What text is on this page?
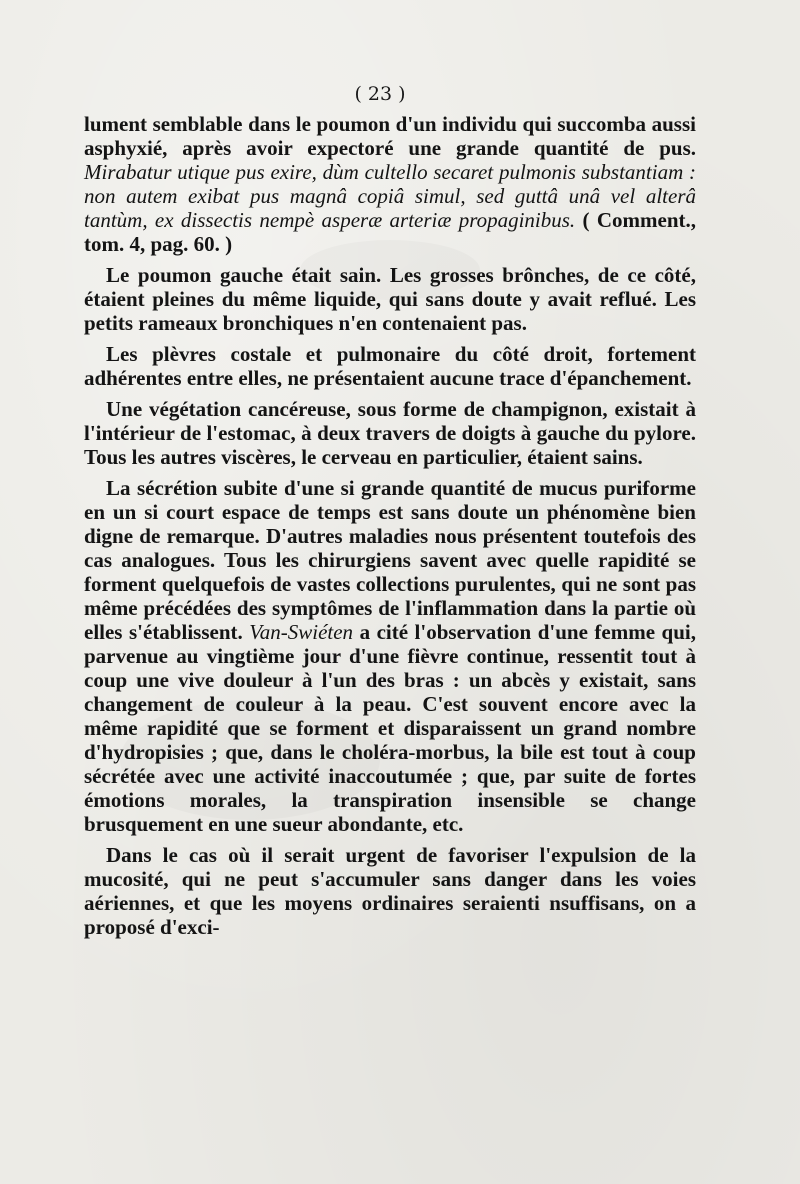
( 23 )

lument semblable dans le poumon d'un individu qui succomba aussi asphyxié, après avoir expectoré une grande quantité de pus. Mirabatur utique pus exire, dùm cultello secaret pulmonis substantiam : non autem exibat pus magnâ copiâ simul, sed guttâ unâ vel alterâ tantùm, ex dissectis nempè asperæ arteriæ propaginibus. ( Comment., tom. 4, pag. 60. )

Le poumon gauche était sain. Les grosses brônches, de ce côté, étaient pleines du même liquide, qui sans doute y avait reflué. Les petits rameaux bronchiques n'en contenaient pas.

Les plèvres costale et pulmonaire du côté droit, fortement adhérentes entre elles, ne présentaient aucune trace d'épanchement.

Une végétation cancéreuse, sous forme de champignon, existait à l'intérieur de l'estomac, à deux travers de doigts à gauche du pylore. Tous les autres viscères, le cerveau en particulier, étaient sains.

La sécrétion subite d'une si grande quantité de mucus puriforme en un si court espace de temps est sans doute un phénomène bien digne de remarque. D'autres maladies nous présentent toutefois des cas analogues. Tous les chirurgiens savent avec quelle rapidité se forment quelquefois de vastes collections purulentes, qui ne sont pas même précédées des symptômes de l'inflammation dans la partie où elles s'établissent. Van-Swiéten a cité l'observation d'une femme qui, parvenue au vingtième jour d'une fièvre continue, ressentit tout à coup une vive douleur à l'un des bras : un abcès y existait, sans changement de couleur à la peau. C'est souvent encore avec la même rapidité que se forment et disparaissent un grand nombre d'hydropisies ; que, dans le choléra-morbus, la bile est tout à coup sécrétée avec une activité inaccoutumée ; que, par suite de fortes émotions morales, la transpiration insensible se change brusquement en une sueur abondante, etc.

Dans le cas où il serait urgent de favoriser l'expulsion de la mucosité, qui ne peut s'accumuler sans danger dans les voies aériennes, et que les moyens ordinaires seraienti nsuffisans, on a proposé d'exci-
